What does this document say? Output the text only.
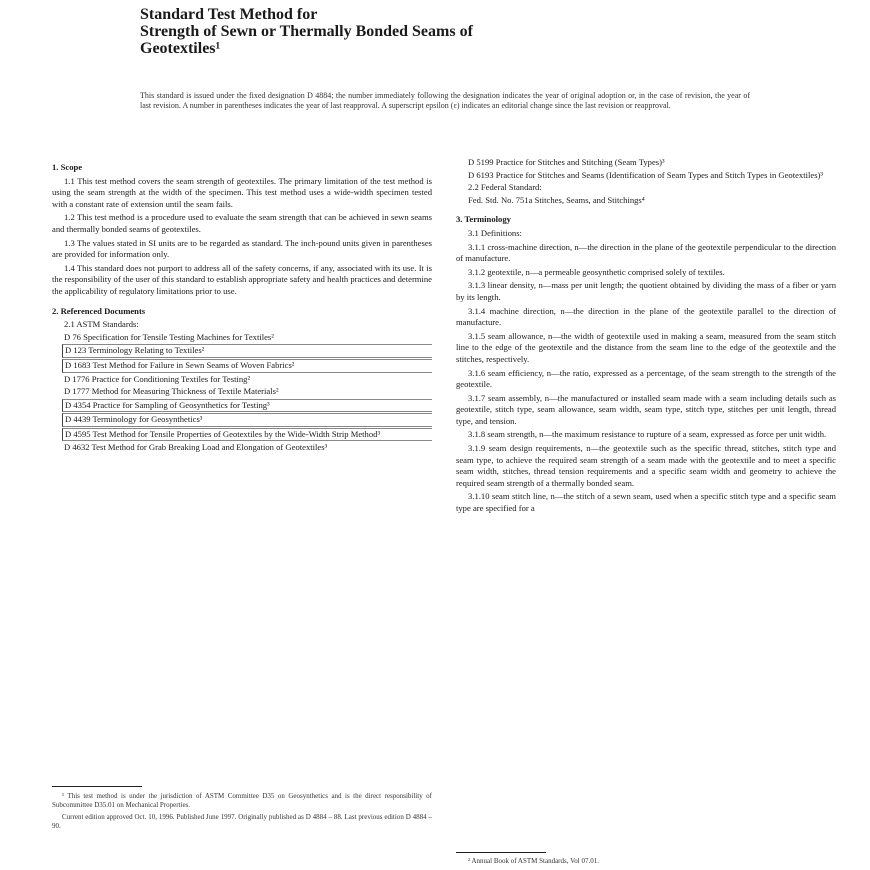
Standard Test Method for
Strength of Sewn or Thermally Bonded Seams of
Geotextiles¹
This standard is issued under the fixed designation D 4884; the number immediately following the designation indicates the year of original adoption or, in the case of revision, the year of last revision. A number in parentheses indicates the year of last reapproval. A superscript epsilon (ε) indicates an editorial change since the last revision or reapproval.
1. Scope

1.1 This test method covers the seam strength of geotextiles. The primary limitation of the test method is using the seam strength at the width of the specimen. This test method uses a wide-width specimen tested with a constant rate of extension until the seam fails.

1.2 This test method is a procedure used to evaluate the seam strength that can be achieved in sewn seams and thermally bonded seams of geotextiles.

1.3 The values stated in SI units are to be regarded as standard. The inch-pound units given in parentheses are provided for information only.

1.4 This standard does not purport to address all of the safety concerns, if any, associated with its use. It is the responsibility of the user of this standard to establish appropriate safety and health practices and determine the applicability of regulatory limitations prior to use.

2. Referenced Documents
2.1 ASTM Standards:
D 76 Specification for Tensile Testing Machines for Textiles²
D 123 Terminology Relating to Textiles²
D 1683 Test Method for Failure in Sewn Seams of Woven Fabrics²
D 1776 Practice for Conditioning Textiles for Testing²
D 1777 Method for Measuring Thickness of Textile Materials²
D 4354 Practice for Sampling of Geosynthetics for Testing³
D 4439 Terminology for Geosynthetics³
D 4595 Test Method for Tensile Properties of Geotextiles by the Wide-Width Strip Method³
D 4632 Test Method for Grab Breaking Load and Elongation of Geotextiles³
D 5199 Practice for Stitches and Stitching (Seam Types)³
D 6193 Practice for Stitches and Seams (Identification of Seam Types and Stitch Types in Geotextiles)³
2.2 Federal Standard:
Fed. Std. No. 751a Stitches, Seams, and Stitchings⁴
3. Terminology

3.1 Definitions:

3.1.1 cross-machine direction, n—the direction in the plane of the geotextile perpendicular to the direction of manufacture.

3.1.2 geotextile, n—a permeable geosynthetic comprised solely of textiles.

3.1.3 linear density, n—mass per unit length; the quotient obtained by dividing the mass of a fiber or yarn by its length.

3.1.4 machine direction, n—the direction in the plane of the geotextile parallel to the direction of manufacture.

3.1.5 seam allowance, n—the width of geotextile used in making a seam, measured from the seam stitch line to the edge of the geotextile and the distance from the seam line to the edge of the geotextile and the stitches, respectively.

3.1.6 seam efficiency, n—the ratio, expressed as a percentage, of the seam strength to the strength of the geotextile.

3.1.7 seam assembly, n—the manufactured or installed seam made with a seam including details such as geotextile, stitch type, seam allowance, seam width, seam type, stitch type, stitches per unit length, thread type, and tension.

3.1.8 seam strength, n—the maximum resistance to rupture of a seam, expressed as force per unit width.

3.1.9 seam design requirements, n—the geotextile such as the specific thread, stitches, stitch type and seam type, to achieve the required seam strength of a seam made with the geotextile and to meet a specific seam width, stitches, thread tension requirements and a specific seam width and geometry to achieve the required seam strength of a thermally bonded seam.

3.1.10 seam stitch line, n—the stitch of a sewn seam, used when a specific stitch type and a specific seam type are specified for a

¹ This test method is under the jurisdiction of ASTM Committee D35 on Geosynthetics and is the direct responsibility of Subcommittee D35.01 on Mechanical Properties.

Current edition approved Oct. 10, 1996. Published June 1997. Originally published as D 4884 – 88. Last previous edition D 4884 – 90.

² Annual Book of ASTM Standards, Vol 07.01.
